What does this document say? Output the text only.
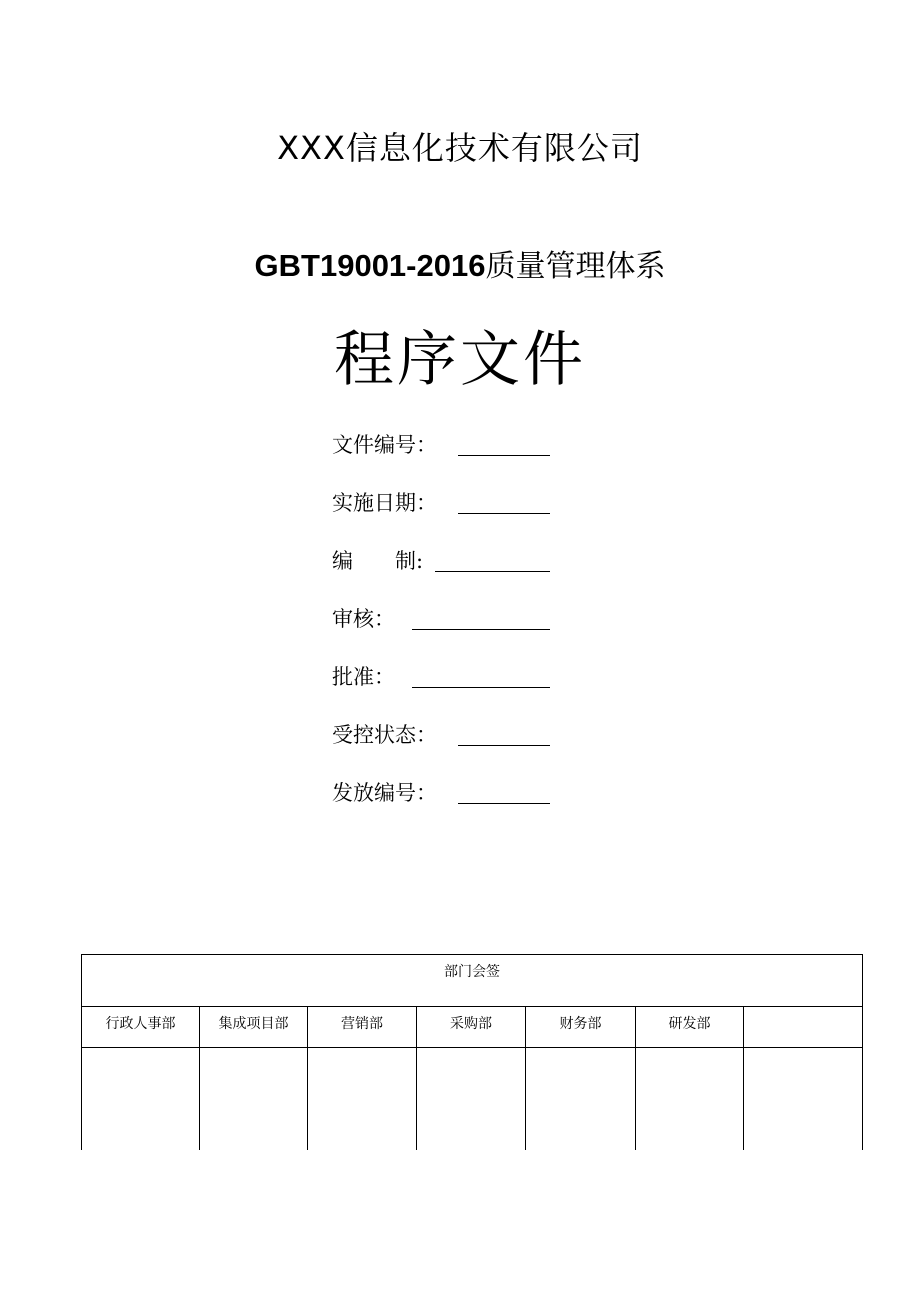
XXX信息化技术有限公司
GBT19001-2016质量管理体系
程序文件
文件编号：
实施日期：
编　　制:
审核：
批准：
受控状态：
发放编号：
部门会签						
行政人事部	集成项目部	营销部	采购部	财务部	研发部	
